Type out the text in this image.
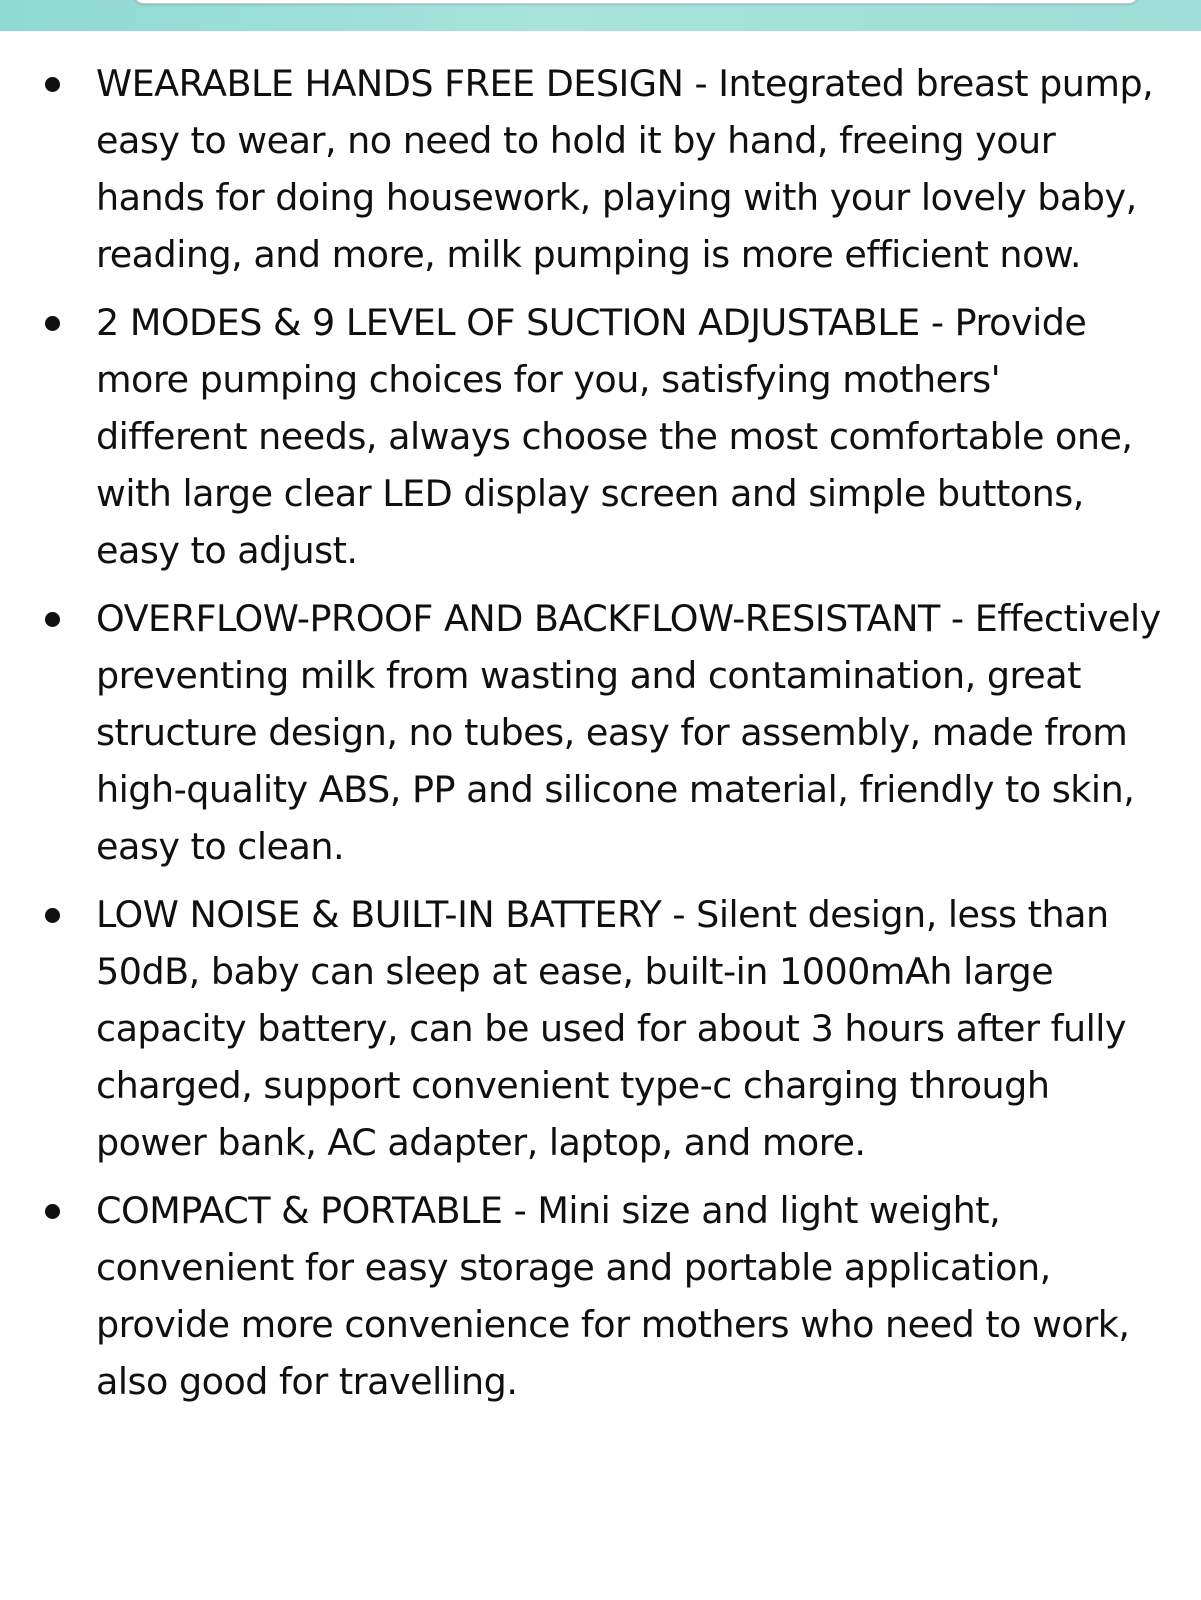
WEARABLE HANDS FREE DESIGN - Integrated breast pump, easy to wear, no need to hold it by hand, freeing your hands for doing housework, playing with your lovely baby, reading, and more, milk pumping is more efficient now.
2 MODES & 9 LEVEL OF SUCTION ADJUSTABLE - Provide more pumping choices for you, satisfying mothers' different needs, always choose the most comfortable one, with large clear LED display screen and simple buttons, easy to adjust.
OVERFLOW-PROOF AND BACKFLOW-RESISTANT - Effectively preventing milk from wasting and contamination, great structure design, no tubes, easy for assembly, made from high-quality ABS, PP and silicone material, friendly to skin, easy to clean.
LOW NOISE & BUILT-IN BATTERY - Silent design, less than 50dB, baby can sleep at ease, built-in 1000mAh large capacity battery, can be used for about 3 hours after fully charged, support convenient type-c charging through power bank, AC adapter, laptop, and more.
COMPACT & PORTABLE - Mini size and light weight, convenient for easy storage and portable application, provide more convenience for mothers who need to work, also good for travelling.
